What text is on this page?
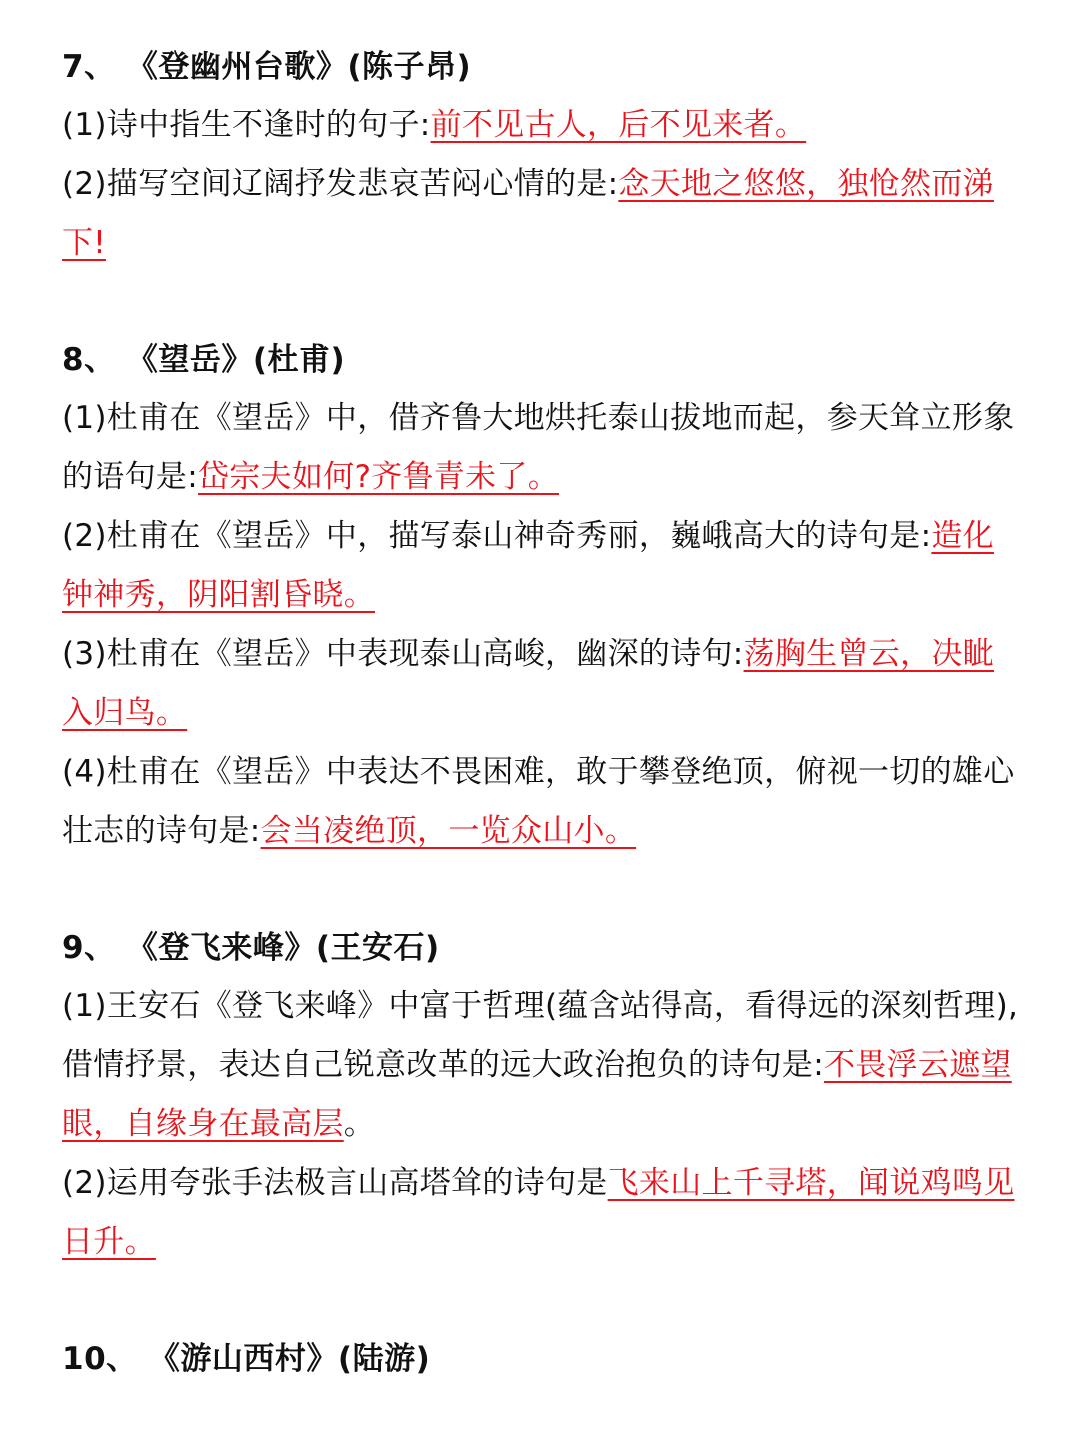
7、 《登幽州台歌》(陈子昂)

(1)诗中指生不逢时的句子:前不见古人，后不见来者。

(2)描写空间辽阔抒发悲哀苦闷心情的是:念天地之悠悠，独怆然而涕下!

8、 《望岳》(杜甫)

(1)杜甫在《望岳》中，借齐鲁大地烘托泰山拔地而起，参天耸立形象的语句是:岱宗夫如何?齐鲁青未了。

(2)杜甫在《望岳》中，描写泰山神奇秀丽，巍峨高大的诗句是:造化钟神秀，阴阳割昏晓。

(3)杜甫在《望岳》中表现泰山高峻，幽深的诗句:荡胸生曾云，决眦入归鸟。

(4)杜甫在《望岳》中表达不畏困难，敢于攀登绝顶，俯视一切的雄心壮志的诗句是:会当凌绝顶，一览众山小。

9、 《登飞来峰》(王安石)

(1)王安石《登飞来峰》中富于哲理(蕴含站得高，看得远的深刻哲理),借情抒景，表达自己锐意改革的远大政治抱负的诗句是:不畏浮云遮望眼，自缘身在最高层。

(2)运用夸张手法极言山高塔耸的诗句是飞来山上千寻塔，闻说鸡鸣见日升。

10、 《游山西村》(陆游)
